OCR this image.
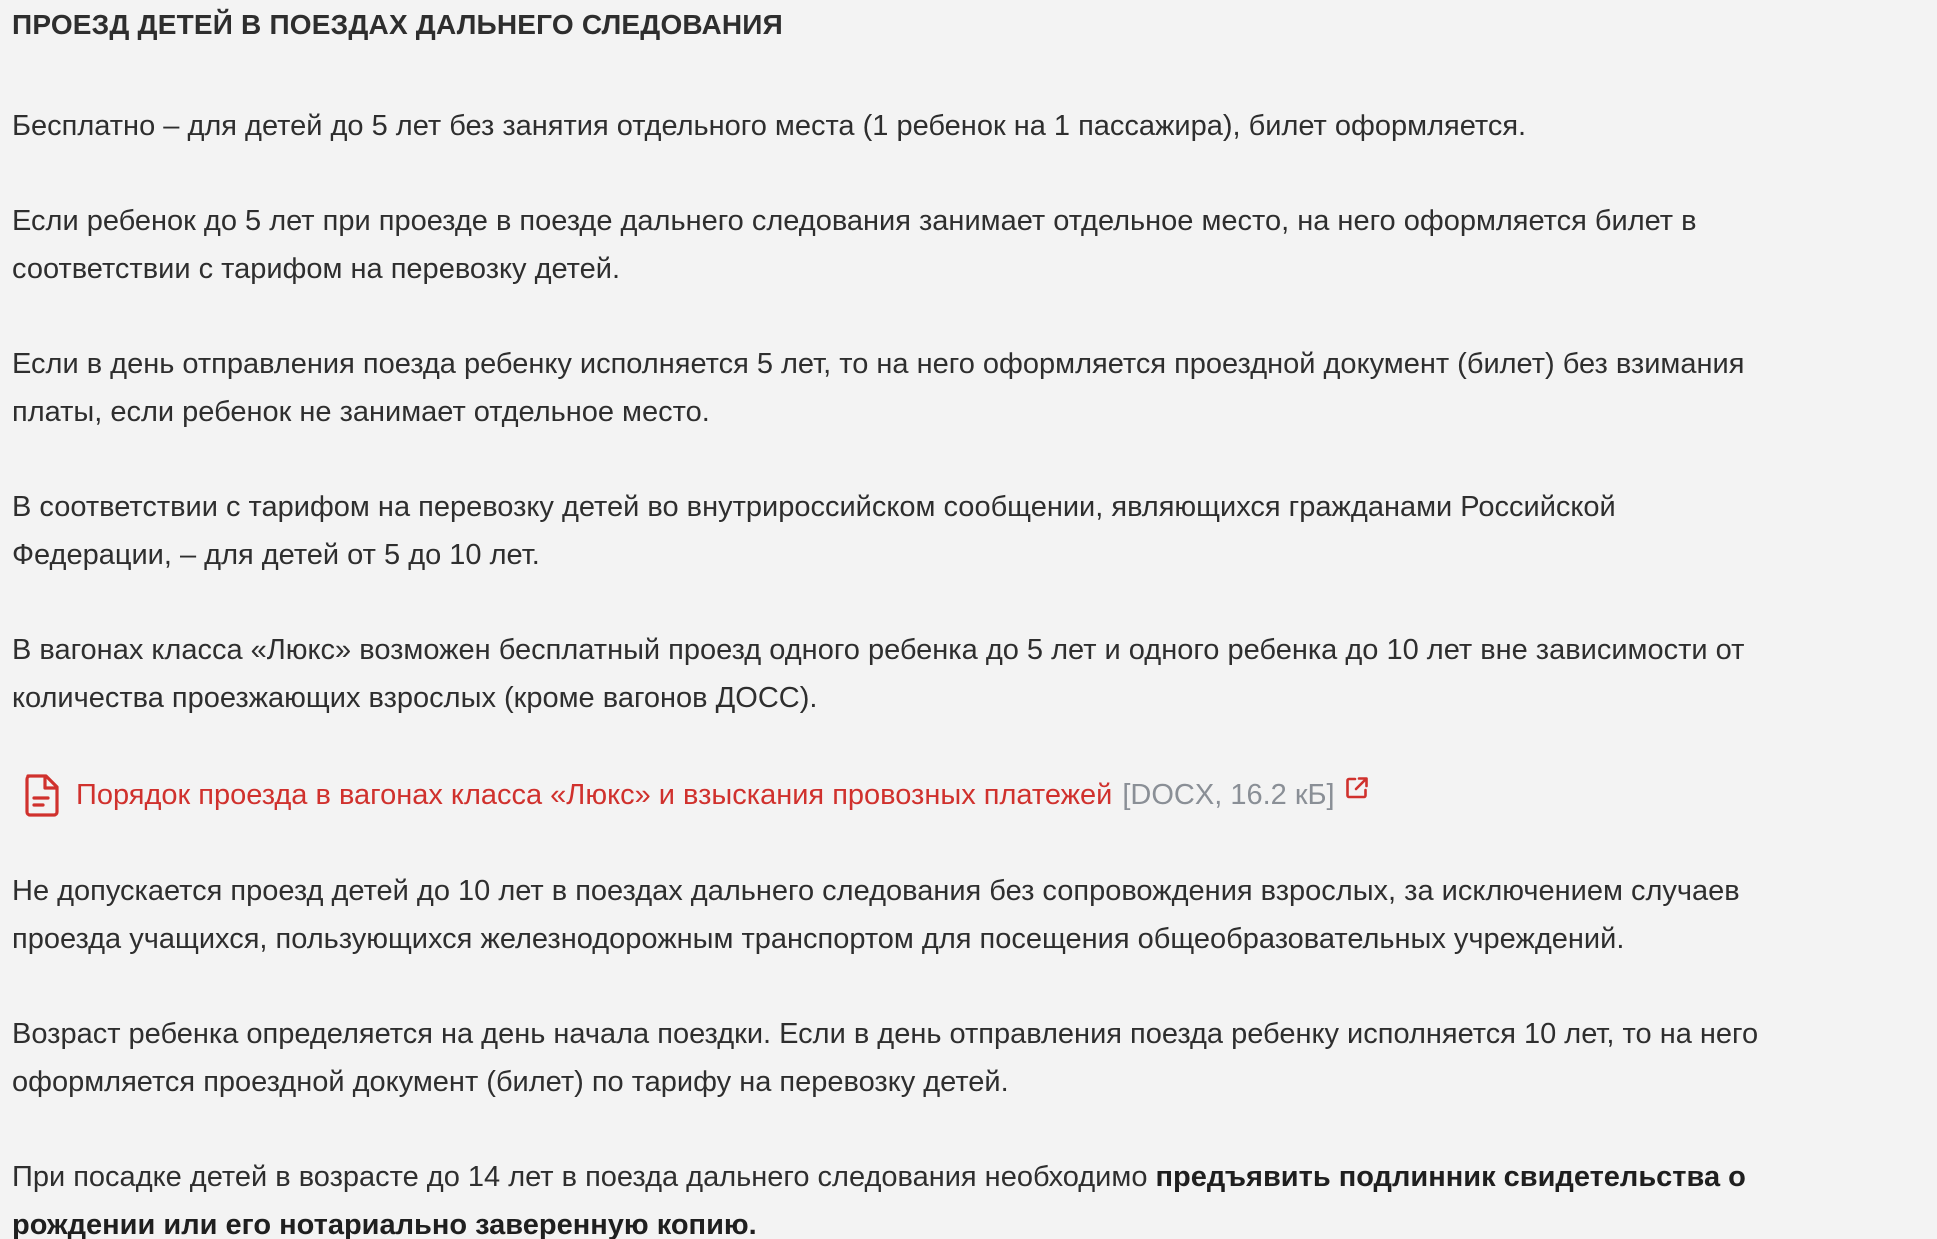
ПРОЕЗД ДЕТЕЙ В ПОЕЗДАХ ДАЛЬНЕГО СЛЕДОВАНИЯ

Бесплатно – для детей до 5 лет без занятия отдельного места (1 ребенок на 1 пассажира), билет оформляется.

Если ребенок до 5 лет при проезде в поезде дальнего следования занимает отдельное место, на него оформляется билет в
соответствии с тарифом на перевозку детей.

Если в день отправления поезда ребенку исполняется 5 лет, то на него оформляется проездной документ (билет) без взимания
платы, если ребенок не занимает отдельное место.

В соответствии с тарифом на перевозку детей во внутрироссийском сообщении, являющихся гражданами Российской
Федерации, – для детей от 5 до 10 лет.

В вагонах класса «Люкс» возможен бесплатный проезд одного ребенка до 5 лет и одного ребенка до 10 лет вне зависимости от
количества проезжающих взрослых (кроме вагонов ДОСС).

Порядок проезда в вагонах класса «Люкс» и взыскания провозных платежей [DOCX, 16.2 кБ]

Не допускается проезд детей до 10 лет в поездах дальнего следования без сопровождения взрослых, за исключением случаев
проезда учащихся, пользующихся железнодорожным транспортом для посещения общеобразовательных учреждений.

Возраст ребенка определяется на день начала поездки. Если в день отправления поезда ребенку исполняется 10 лет, то на него
оформляется проездной документ (билет) по тарифу на перевозку детей.

При посадке детей в возрасте до 14 лет в поезда дальнего следования необходимо предъявить подлинник свидетельства о
рождении или его нотариально заверенную копию.
